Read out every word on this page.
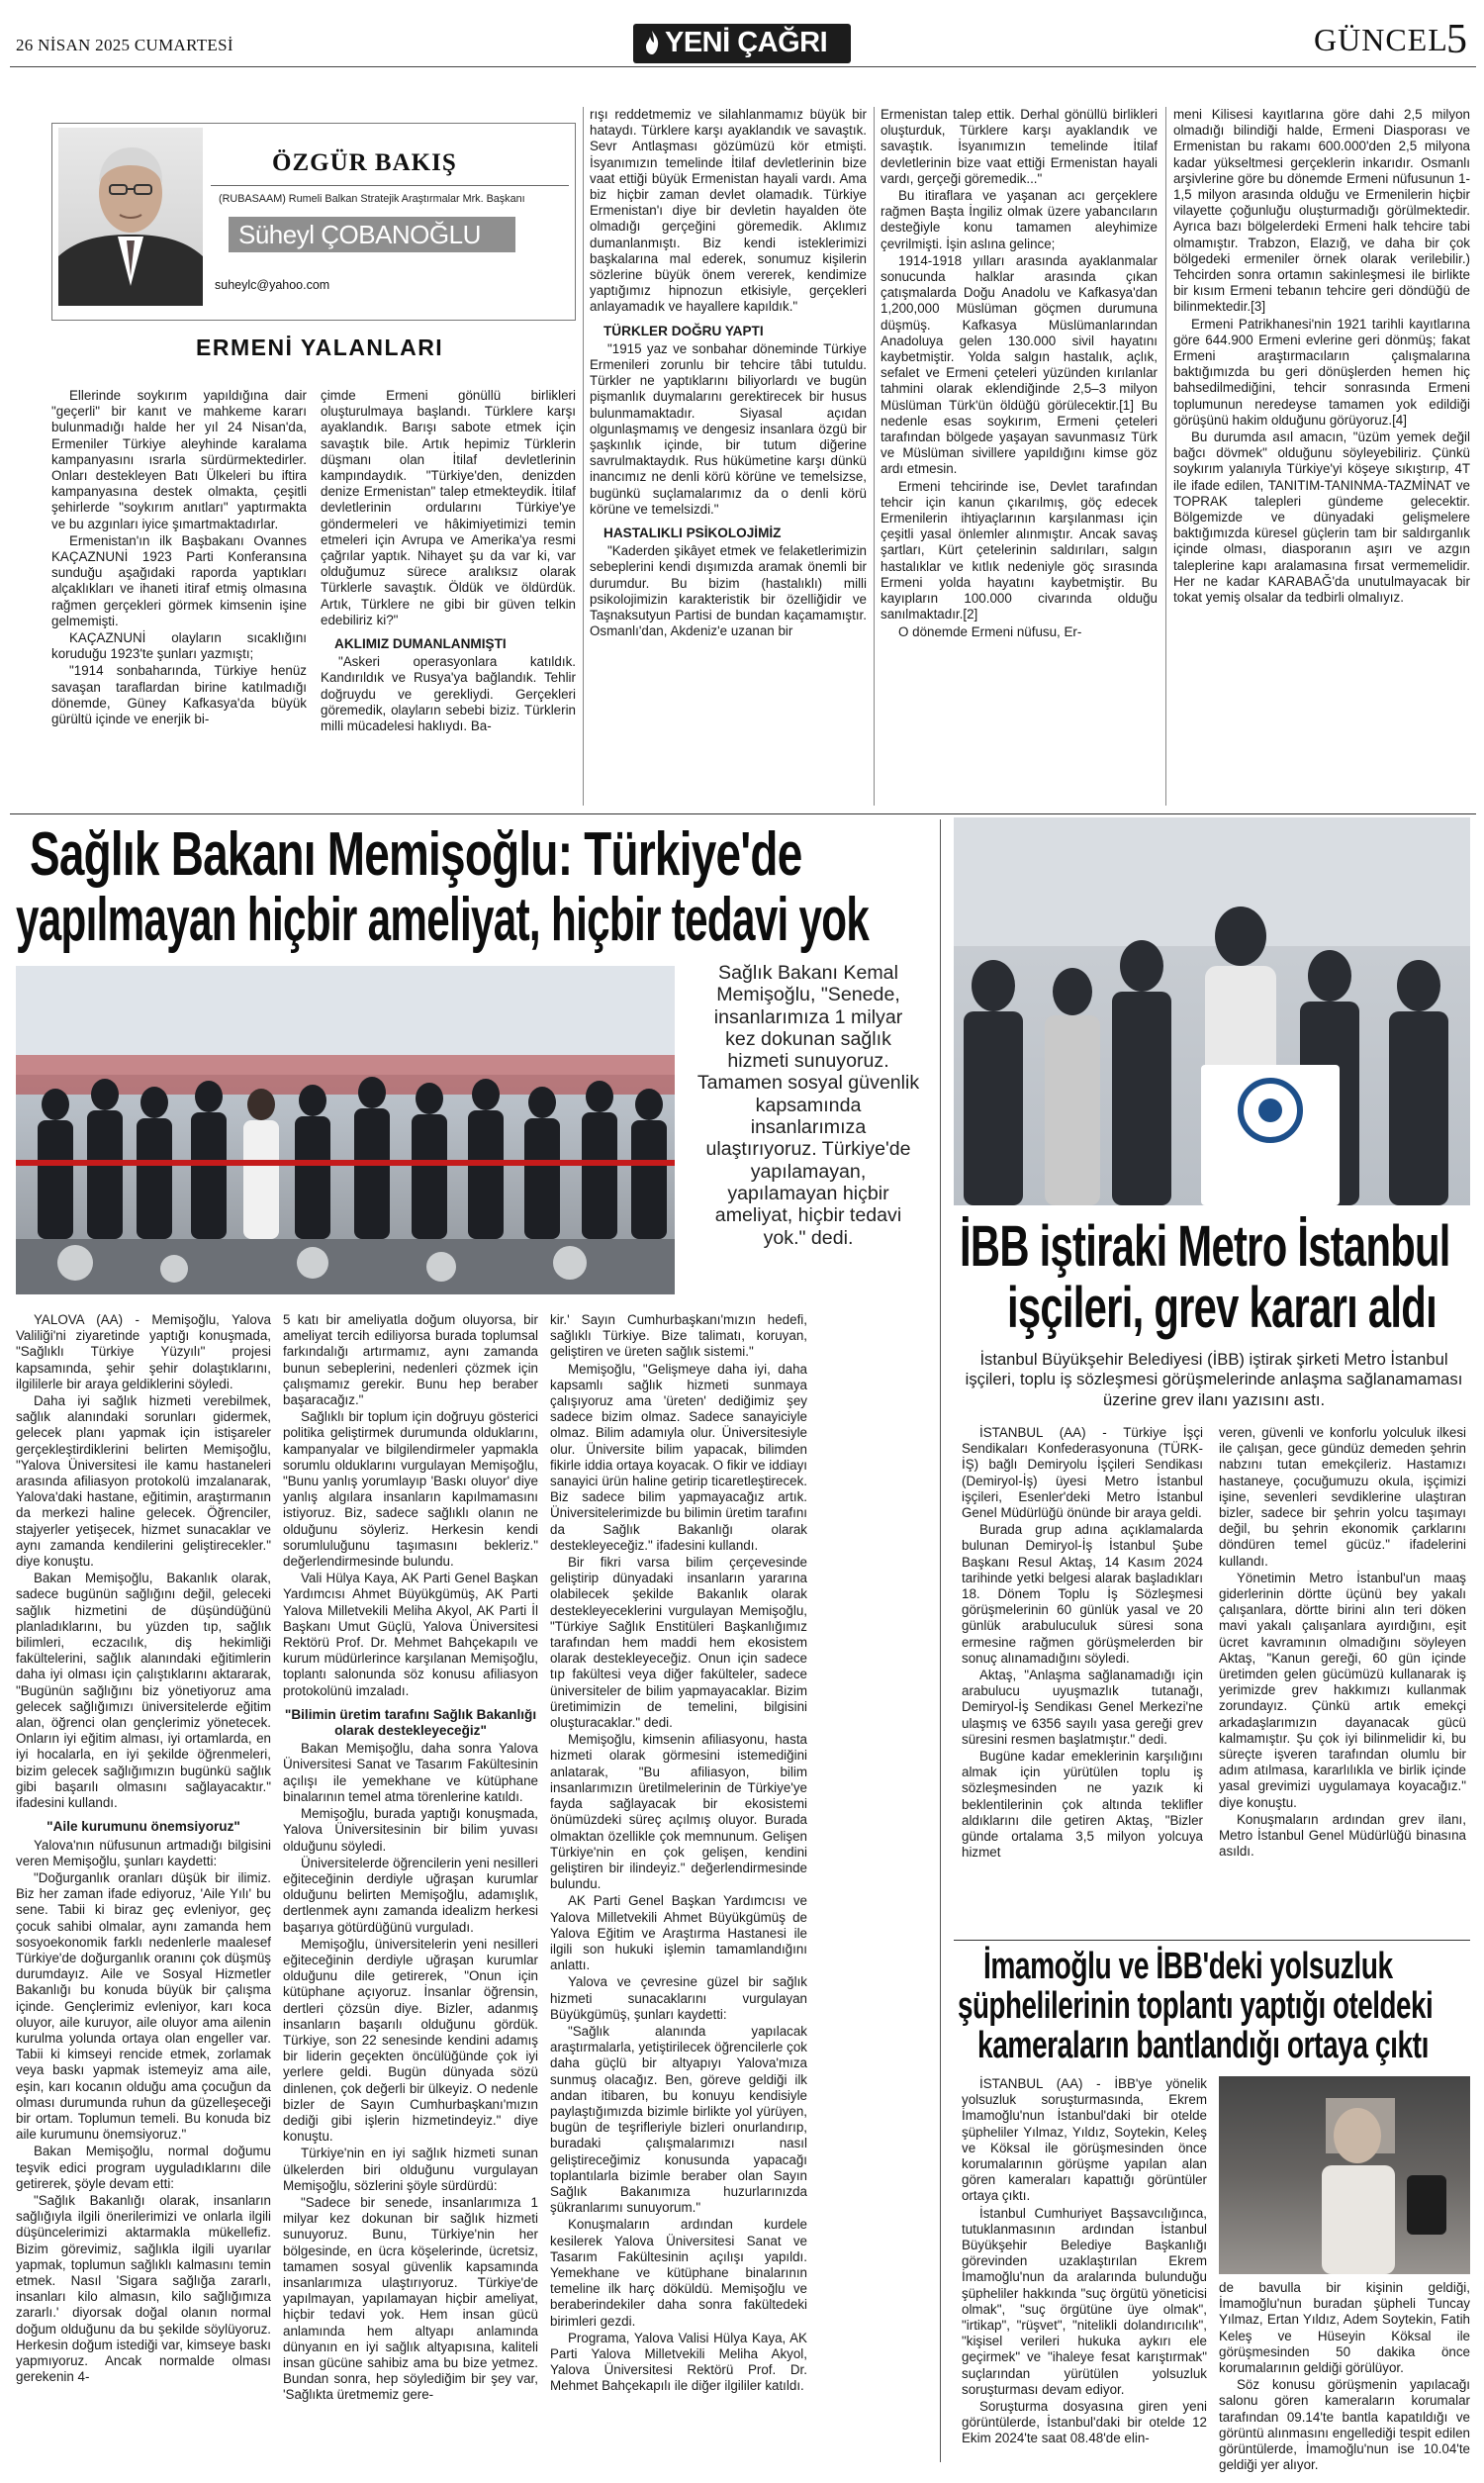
26 NİSAN 2025 CUMARTESİ	YENİ ÇAĞRI	GÜNCEL
5
ÖZGÜR BAKIŞ
(RUBASAAM) Rumeli Balkan Stratejik Araştırmalar Mrk. Başkanı
Süheyl ÇOBANOĞLU
suheylc@yahoo.com
ERMENİ YALANLARI

Ellerinde soykırım yapıldığına dair "geçerli" bir kanıt ve mahkeme kararı bulunmadığı halde her yıl 24 Nisan'da, Ermeniler Türkiye aleyhinde karalama kampanyasını ısrarla sürdürmektedirler. Onları destekleyen Batı Ülkeleri bu iftira kampanyasına destek olmakta, çeşitli şehirlerde "soykırım anıtları" yaptırmakta ve bu azgınları iyice şımartmaktadırlar.

Ermenistan'ın ilk Başbakanı Ovannes KAÇAZNUNİ 1923 Parti Konferansına sunduğu aşağıdaki raporda yaptıkları alçaklıkları ve ihaneti itiraf etmiş olmasına rağmen gerçekleri görmek kimsenin işine gelmemişti.

KAÇAZNUNİ olayların sıcaklığını koruduğu 1923'te şunları yazmıştı;

"1914 sonbaharında, Türkiye henüz savaşan taraflardan birine katılmadığı dönemde, Güney Kafkasya'da büyük gürültü içinde ve enerjik bi-

çimde Ermeni gönüllü birlikleri oluşturulmaya başlandı. Türklere karşı ayaklandık. Barışı sabote etmek için savaştık bile. Artık hepimiz Türklerin düşmanı olan İtilaf devletlerinin kampındaydık. "Türkiye'den, denizden denize Ermenistan" talep etmekteydik. İtilaf devletlerinin ordularını Türkiye'ye göndermeleri ve hâkimiyetimizi temin etmeleri için Avrupa ve Amerika'ya resmi çağrılar yaptık. Nihayet şu da var ki, var olduğumuz sürece aralıksız olarak Türklerle savaştık. Öldük ve öldürdük. Artık, Türklere ne gibi bir güven telkin edebiliriz ki?"

AKLIMIZ DUMANLANMIŞTI

"Askeri operasyonlara katıldık. Kandırıldık ve Rusya'ya bağlandık. Tehlir doğruydu ve gerekliydi. Gerçekleri göremedik, olayların sebebi biziz. Türklerin milli mücadelesi haklıydı. Ba-

rışı reddetmemiz ve silahlanmamız büyük bir hataydı. Türklere karşı ayaklandık ve savaştık. Sevr Antlaşması gözümüzü kör etmişti. İsyanımızın temelinde İtilaf devletlerinin bize vaat ettiği büyük Ermenistan hayali vardı. Ama biz hiçbir zaman devlet olamadık. Türkiye Ermenistan'ı diye bir devletin hayalden öte olmadığı gerçeğini göremedik. Aklımız dumanlanmıştı. Biz kendi isteklerimizi başkalarına mal ederek, sonumuz kişilerin sözlerine büyük önem vererek, kendimize yaptığımız hipnozun etkisiyle, gerçekleri anlayamadık ve hayallere kapıldık."

TÜRKLER DOĞRU YAPTI

"1915 yaz ve sonbahar döneminde Türkiye Ermenileri zorunlu bir tehcire tâbi tutuldu. Türkler ne yaptıklarını biliyorlardı ve bugün pişmanlık duymalarını gerektirecek bir husus bulunmamaktadır. Siyasal açıdan olgunlaşmamış ve dengesiz insanlara özgü bir şaşkınlık içinde, bir tutum diğerine savrulmaktaydık. Rus hükümetine karşı dünkü inancımız ne denli körü körüne ve temelsizse, bugünkü suçlamalarımız da o denli körü körüne ve temelsizdi."

HASTALIKLI PSİKOLOJİMİZ

"Kaderden şikâyet etmek ve felaketlerimizin sebeplerini kendi dışımızda aramak önemli bir durumdur. Bu bizim (hastalıklı) milli psikolojimizin karakteristik bir özelliğidir ve Taşnaksutyun Partisi de bundan kaçamamıştır. Osmanlı'dan, Akdeniz'e uzanan bir

Ermenistan talep ettik. Derhal gönüllü birlikleri oluşturduk, Türklere karşı ayaklandık ve savaştık. İsyanımızın temelinde İtilaf devletlerinin bize vaat ettiği Ermenistan hayali vardı, gerçeği göremedik..."

Bu itiraflara ve yaşanan acı gerçeklere rağmen Başta İngiliz olmak üzere yabancıların desteğiyle konu tamamen aleyhimize çevrilmişti. İşin aslına gelince;

1914-1918 yılları arasında ayaklanmalar sonucunda halklar arasında çıkan çatışmalarda Doğu Anadolu ve Kafkasya'dan 1,200,000 Müslüman göçmen durumuna düşmüş. Kafkasya Müslümanlarından Anadoluya gelen 130.000 sivil hayatını kaybetmiştir. Yolda salgın hastalık, açlık, sefalet ve Ermeni çeteleri yüzünden kırılanlar tahmini olarak eklendiğinde 2,5–3 milyon Müslüman Türk'ün öldüğü görülecektir.[1] Bu nedenle esas soykırım, Ermeni çeteleri tarafından bölgede yaşayan savunmasız Türk ve Müslüman sivillere yapıldığını kimse göz ardı etmesin.

Ermeni tehcirinde ise, Devlet tarafından tehcir için kanun çıkarılmış, göç edecek Ermenilerin ihtiyaçlarının karşılanması için çeşitli yasal önlemler alınmıştır. Ancak savaş şartları, Kürt çetelerinin saldırıları, salgın hastalıklar ve kıtlık nedeniyle göç sırasında Ermeni yolda hayatını kaybetmiştir. Bu kayıpların 100.000 civarında olduğu sanılmaktadır.[2]

O dönemde Ermeni nüfusu, Er-

meni Kilisesi kayıtlarına göre dahi 2,5 milyon olmadığı bilindiği halde, Ermeni Diasporası ve Ermenistan bu rakamı 600.000'den 2,5 milyona kadar yükseltmesi gerçeklerin inkarıdır. Osmanlı arşivlerine göre bu dönemde Ermeni nüfusunun 1-1,5 milyon arasında olduğu ve Ermenilerin hiçbir vilayette çoğunluğu oluşturmadığı görülmektedir. Ayrıca bazı bölgelerdeki Ermeni halk tehcire tabi olmamıştır. Trabzon, Elazığ, ve daha bir çok bölgedeki ermeniler örnek olarak verilebilir.) Tehcirden sonra ortamın sakinleşmesi ile birlikte bir kısım Ermeni tebanın tehcire geri döndüğü de bilinmektedir.[3]

Ermeni Patrikhanesi'nin 1921 tarihli kayıtlarına göre 644.900 Ermeni evlerine geri dönmüş; fakat Ermeni araştırmacıların çalışmalarına baktığımızda bu geri dönüşlerden hemen hiç bahsedilmediğini, tehcir sonrasında Ermeni toplumunun neredeyse tamamen yok edildiği görüşünü hakim olduğunu görüyoruz.[4]

Bu durumda asıl amacın, "üzüm yemek değil bağcı dövmek" olduğunu söyleyebiliriz. Çünkü soykırım yalanıyla Türkiye'yi köşeye sıkıştırıp, 4T ile ifade edilen, TANITIM-TANINMA-TAZMİNAT ve TOPRAK talepleri gündeme gelecektir. Bölgemizde ve dünyadaki gelişmelere baktığımızda küresel güçlerin tam bir saldırganlık içinde olması, diasporanın aşırı ve azgın taleplerine kapı aralamasına fırsat vermemelidir. Her ne kadar KARABAĞ'da unutulmayacak bir tokat yemiş olsalar da tedbirli olmalıyız.

Sağlık Bakanı Memişoğlu: Türkiye'de
yapılmayan hiçbir ameliyat, hiçbir tedavi yok
Sağlık Bakanı Kemal Memişoğlu, "Senede, insanlarımıza 1 milyar kez dokunan sağlık hizmeti sunuyoruz. Tamamen sosyal güvenlik kapsamında insanlarımıza ulaştırıyoruz. Türkiye'de yapılamayan, yapılamayan hiçbir ameliyat, hiçbir tedavi yok." dedi.

YALOVA (AA) - Memişoğlu, Yalova Valiliği'ni ziyaretinde yaptığı konuşmada, "Sağlıklı Türkiye Yüzyılı" projesi kapsamında, şehir şehir dolaştıklarını, ilgililerle bir araya geldiklerini söyledi.

Daha iyi sağlık hizmeti verebilmek, sağlık alanındaki sorunları gidermek, gelecek planı yapmak için istişareler gerçekleştirdiklerini belirten Memişoğlu, "Yalova Üniversitesi ile kamu hastaneleri arasında afiliasyon protokolü imzalanarak, Yalova'daki hastane, eğitimin, araştırmanın da merkezi haline gelecek. Öğrenciler, stajyerler yetişecek, hizmet sunacaklar ve aynı zamanda kendilerini geliştirecekler." diye konuştu.

Bakan Memişoğlu, Bakanlık olarak, sadece bugünün sağlığını değil, geleceki sağlık hizmetini de düşündüğünü planladıklarını, bu yüzden tıp, sağlık bilimleri, eczacılık, diş hekimliği fakültelerini, sağlık alanındaki eğitimlerin daha iyi olması için çalıştıklarını aktararak, "Bugünün sağlığını biz yönetiyoruz ama gelecek sağlığımızı üniversitelerde eğitim alan, öğrenci olan gençlerimiz yönetecek. Onların iyi eğitim alması, iyi ortamlarda, en iyi hocalarla, en iyi şekilde öğrenmeleri, bizim gelecek sağlığımızın bugünkü sağlık gibi başarılı olmasını sağlayacaktır." ifadesini kullandı.

"Aile kurumunu önemsiyoruz"

Yalova'nın nüfusunun artmadığı bilgisini veren Memişoğlu, şunları kaydetti:

"Doğurganlık oranları düşük bir ilimiz. Biz her zaman ifade ediyoruz, 'Aile Yılı' bu sene. Tabii ki biraz geç evleniyor, geç çocuk sahibi olmalar, aynı zamanda hem sosyoekonomik farklı nedenlerle maalesef Türkiye'de doğurganlık oranını çok düşmüş durumdayız. Aile ve Sosyal Hizmetler Bakanlığı bu konuda büyük bir çalışma içinde. Gençlerimiz evleniyor, karı koca oluyor, aile kuruyor, aile oluyor ama ailenin kurulma yolunda ortaya olan engeller var. Tabii ki kimseyi rencide etmek, zorlamak veya baskı yapmak istemeyiz ama aile, eşin, karı kocanın olduğu ama çocuğun da olması durumunda ruhun da güzelleşeceği bir ortam. Toplumun temeli. Bu konuda biz aile kurumunu önemsiyoruz."

Bakan Memişoğlu, normal doğumu teşvik edici program uyguladıklarını dile getirerek, şöyle devam etti:

"Sağlık Bakanlığı olarak, insanların sağlığıyla ilgili önerilerimizi ve onlarla ilgili düşüncelerimizi aktarmakla mükellefiz. Bizim görevimiz, sağlıkla ilgili uyarılar yapmak, toplumun sağlıklı kalmasını temin etmek. Nasıl 'Sigara sağlığa zararlı, insanları kilo almasın, kilo sağlığımıza zararlı.' diyorsak doğal olanın normal doğum olduğunu da bu şekilde söylüyoruz. Herkesin doğum istediği var, kimseye baskı yapmıyoruz. Ancak normalde olması gerekenin 4-

5 katı bir ameliyatla doğum oluyorsa, bir ameliyat tercih ediliyorsa burada toplumsal farkındalığı artırmamız, aynı zamanda bunun sebeplerini, nedenleri çözmek için çalışmamız gerekir. Bunu hep beraber başaracağız."

Sağlıklı bir toplum için doğruyu gösterici politika geliştirmek durumunda olduklarını, kampanyalar ve bilgilendirmeler yapmakla sorumlu olduklarını vurgulayan Memişoğlu, "Bunu yanlış yorumlayıp 'Baskı oluyor' diye yanlış algılara insanların kapılmamasını istiyoruz. Biz, sadece sağlıklı olanın ne olduğunu söyleriz. Herkesin kendi sorumluluğunu taşımasını bekleriz." değerlendirmesinde bulundu.

Vali Hülya Kaya, AK Parti Genel Başkan Yardımcısı Ahmet Büyükgümüş, AK Parti Yalova Milletvekili Meliha Akyol, AK Parti İl Başkanı Umut Güçlü, Yalova Üniversitesi Rektörü Prof. Dr. Mehmet Bahçekapılı ve kurum müdürlerince karşılanan Memişoğlu, toplantı salonunda söz konusu afiliasyon protokolünü imzaladı.

"Bilimin üretim tarafını Sağlık Bakanlığı olarak destekleyeceğiz"

Bakan Memişoğlu, daha sonra Yalova Üniversitesi Sanat ve Tasarım Fakültesinin açılışı ile yemekhane ve kütüphane binalarının temel atma törenlerine katıldı.

Memişoğlu, burada yaptığı konuşmada, Yalova Üniversitesinin bir bilim yuvası olduğunu söyledi.

Üniversitelerde öğrencilerin yeni nesilleri eğiteceğinin derdiyle uğraşan kurumlar olduğunu belirten Memişoğlu, adamışlık, dertlenmek aynı zamanda idealizm herkesi başarıya götürdüğünü vurguladı.

Memişoğlu, üniversitelerin yeni nesilleri eğiteceğinin derdiyle uğraşan kurumlar olduğunu dile getirerek, "Onun için kütüphane açıyoruz. İnsanlar öğrensin, dertleri çözsün diye. Bizler, adanmış insanların başarılı olduğunu gördük. Türkiye, son 22 senesinde kendini adamış bir liderin geçekten öncülüğünde çok iyi yerlere geldi. Bugün dünyada sözü dinlenen, çok değerli bir ülkeyiz. O nedenle bizler de Sayın Cumhurbaşkanı'mızın dediği gibi işlerin hizmetindeyiz." diye konuştu.

Türkiye'nin en iyi sağlık hizmeti sunan ülkelerden biri olduğunu vurgulayan Memişoğlu, sözlerini şöyle sürdürdü:

"Sadece bir senede, insanlarımıza 1 milyar kez dokunan bir sağlık hizmeti sunuyoruz. Bunu, Türkiye'nin her bölgesinde, en ücra köşelerinde, ücretsiz, tamamen sosyal güvenlik kapsamında insanlarımıza ulaştırıyoruz. Türkiye'de yapılmayan, yapılamayan hiçbir ameliyat, hiçbir tedavi yok. Hem insan gücü anlamında hem altyapı anlamında dünyanın en iyi sağlık altyapısına, kaliteli insan gücüne sahibiz ama bu bize yetmez. Bundan sonra, hep söylediğim bir şey var, 'Sağlıkta üretmemiz gere-

kir.' Sayın Cumhurbaşkanı'mızın hedefi, sağlıklı Türkiye. Bize talimatı, koruyan, geliştiren ve üreten sağlık sistemi."

Memişoğlu, "Gelişmeye daha iyi, daha kapsamlı sağlık hizmeti sunmaya çalışıyoruz ama 'üreten' dediğimiz şey sadece bizim olmaz. Sadece sanayiciyle olmaz. Bilim adamıyla olur. Üniversitesiyle olur. Üniversite bilim yapacak, bilimden fikirle iddia ortaya koyacak. O fikir ve iddiayı sanayici ürün haline getirip ticaretleştirecek. Biz sadece bilim yapmayacağız artık. Üniversitelerimizde bu bilimin üretim tarafını da Sağlık Bakanlığı olarak destekleyeceğiz." ifadesini kullandı.

Bir fikri varsa bilim çerçevesinde geliştirip dünyadaki insanların yararına olabilecek şekilde Bakanlık olarak destekleyeceklerini vurgulayan Memişoğlu, "Türkiye Sağlık Enstitüleri Başkanlığımız tarafından hem maddi hem ekosistem olarak destekleyeceğiz. Onun için sadece tıp fakültesi veya diğer fakülteler, sadece üniversiteler de bilim yapmayacaklar. Bizim üretimimizin de temelini, bilgisini oluşturacaklar." dedi.

Memişoğlu, kimsenin afiliasyonu, hasta hizmeti olarak görmesini istemediğini anlatarak, "Bu afiliasyon, bilim insanlarımızın üretilmelerinin de Türkiye'ye fayda sağlayacak bir ekosistemi önümüzdeki süreç açılmış oluyor. Burada olmaktan özellikle çok memnunum. Gelişen Türkiye'nin en çok gelişen, kendini geliştiren bir ilindeyiz." değerlendirmesinde bulundu.

AK Parti Genel Başkan Yardımcısı ve Yalova Milletvekili Ahmet Büyükgümüş de Yalova Eğitim ve Araştırma Hastanesi ile ilgili son hukuki işlemin tamamlandığını anlattı.

Yalova ve çevresine güzel bir sağlık hizmeti sunacaklarını vurgulayan Büyükgümüş, şunları kaydetti:

"Sağlık alanında yapılacak araştırmalarla, yetiştirilecek öğrencilerle çok daha güçlü bir altyapıyı Yalova'mıza sunmuş olacağız. Ben, göreve geldiği ilk andan itibaren, bu konuyu kendisiyle paylaştığımızda bizimle birlikte yol yürüyen, bugün de teşrifleriyle bizleri onurlandırıp, buradaki çalışmalarımızı nasıl geliştireceğimiz konusunda yapacağı toplantılarla bizimle beraber olan Sayın Sağlık Bakanımıza huzurlarınızda şükranlarımı sunuyorum."

Konuşmaların ardından kurdele kesilerek Yalova Üniversitesi Sanat ve Tasarım Fakültesinin açılışı yapıldı. Yemekhane ve kütüphane binalarının temeline ilk harç döküldü. Memişoğlu ve beraberindekiler daha sonra fakültedeki birimleri gezdi.

Programa, Yalova Valisi Hülya Kaya, AK Parti Yalova Milletvekili Meliha Akyol, Yalova Üniversitesi Rektörü Prof. Dr. Mehmet Bahçekapılı ile diğer ilgililer katıldı.

İBB iştiraki Metro İstanbul
işçileri, grev kararı aldı
İstanbul Büyükşehir Belediyesi (İBB) iştirak şirketi Metro İstanbul işçileri, toplu iş sözleşmesi görüşmelerinde anlaşma sağlanamaması üzerine grev ilanı yazısını astı.

İSTANBUL (AA) - Türkiye İşçi Sendikaları Konfederasyonuna (TÜRK-İŞ) bağlı Demiryolu İşçileri Sendikası (Demiryol-İş) üyesi Metro İstanbul işçileri, Esenler'deki Metro İstanbul Genel Müdürlüğü önünde bir araya geldi.

Burada grup adına açıklamalarda bulunan Demiryol-İş İstanbul Şube Başkanı Resul Aktaş, 14 Kasım 2024 tarihinde yetki belgesi alarak başladıkları 18. Dönem Toplu İş Sözleşmesi görüşmelerinin 60 günlük yasal ve 20 günlük arabuluculuk süresi sona ermesine rağmen görüşmelerden bir sonuç alınamadığını söyledi.

Aktaş, "Anlaşma sağlanamadığı için arabulucu uyuşmazlık tutanağı, Demiryol-İş Sendikası Genel Merkezi'ne ulaşmış ve 6356 sayılı yasa gereği grev süresini resmen başlatmıştır." dedi.

Bugüne kadar emeklerinin karşılığını almak için yürütülen toplu iş sözleşmesinden ne yazık ki beklentilerinin çok altında teklifler aldıklarını dile getiren Aktaş, "Bizler günde ortalama 3,5 milyon yolcuya hizmet

veren, güvenli ve konforlu yolculuk ilkesi ile çalışan, gece gündüz demeden şehrin nabzını tutan emekçileriz. Hastamızı hastaneye, çocuğumuzu okula, işçimizi işine, sevenleri sevdiklerine ulaştıran bizler, sadece bir şehrin yolcu taşımayı değil, bu şehrin ekonomik çarklarını döndüren temel gücüz." ifadelerini kullandı.

Yönetimin Metro İstanbul'un maaş giderlerinin dörtte üçünü bey yakalı çalışanlara, dörtte birini alın teri döken mavi yakalı çalışanlara ayırdığını, eşit ücret kavramının olmadığını söyleyen Aktaş, "Kanun gereği, 60 gün içinde üretimden gelen gücümüzü kullanarak iş yerimizde grev hakkımızı kullanmak zorundayız. Çünkü artık emekçi arkadaşlarımızın dayanacak gücü kalmamıştır. Şu çok iyi bilinmelidir ki, bu süreçte işveren tarafından olumlu bir adım atılmasa, kararlılıkla ve birlik içinde yasal grevimizi uygulamaya koyacağız." diye konuştu.

Konuşmaların ardından grev ilanı, Metro İstanbul Genel Müdürlüğü binasına asıldı.

İmamoğlu ve İBB'deki yolsuzluk
şüphelilerinin toplantı yaptığı oteldeki
kameraların bantlandığı ortaya çıktı

İSTANBUL (AA) - İBB'ye yönelik yolsuzluk soruşturmasında, Ekrem İmamoğlu'nun İstanbul'daki bir otelde şüpheliler Yılmaz, Yıldız, Soytekin, Keleş ve Köksal ile görüşmesinden önce korumalarının görüşme yapılan alan gören kameraları kapattığı görüntüler ortaya çıktı.

İstanbul Cumhuriyet Başsavcılığınca, tutuklanmasının ardından İstanbul Büyükşehir Belediye Başkanlığı görevinden uzaklaştırılan Ekrem İmamoğlu'nun da aralarında bulunduğu şüpheliler hakkında "suç örgütü yöneticisi olmak", "suç örgütüne üye olmak", "irtikap", "rüşvet", "nitelikli dolandırıcılık", "kişisel verileri hukuka aykırı ele geçirmek" ve "ihaleye fesat karıştırmak" suçlarından yürütülen yolsuzluk soruşturması devam ediyor.

Soruşturma dosyasına giren yeni görüntülerde, İstanbul'daki bir otelde 12 Ekim 2024'te saat 08.48'de elin-

de bavulla bir kişinin geldiği, İmamoğlu'nun buradan şüpheli Tuncay Yılmaz, Ertan Yıldız, Adem Soytekin, Fatih Keleş ve Hüseyin Köksal ile görüşmesinden 50 dakika önce korumalarının geldiği görülüyor.

Söz konusu görüşmenin yapılacağı salonu gören kameraların korumalar tarafından 09.14'te bantla kapatıldığı ve görüntü alınmasını engellediği tespit edilen görüntülerde, İmamoğlu'nun ise 10.04'te geldiği yer alıyor.
